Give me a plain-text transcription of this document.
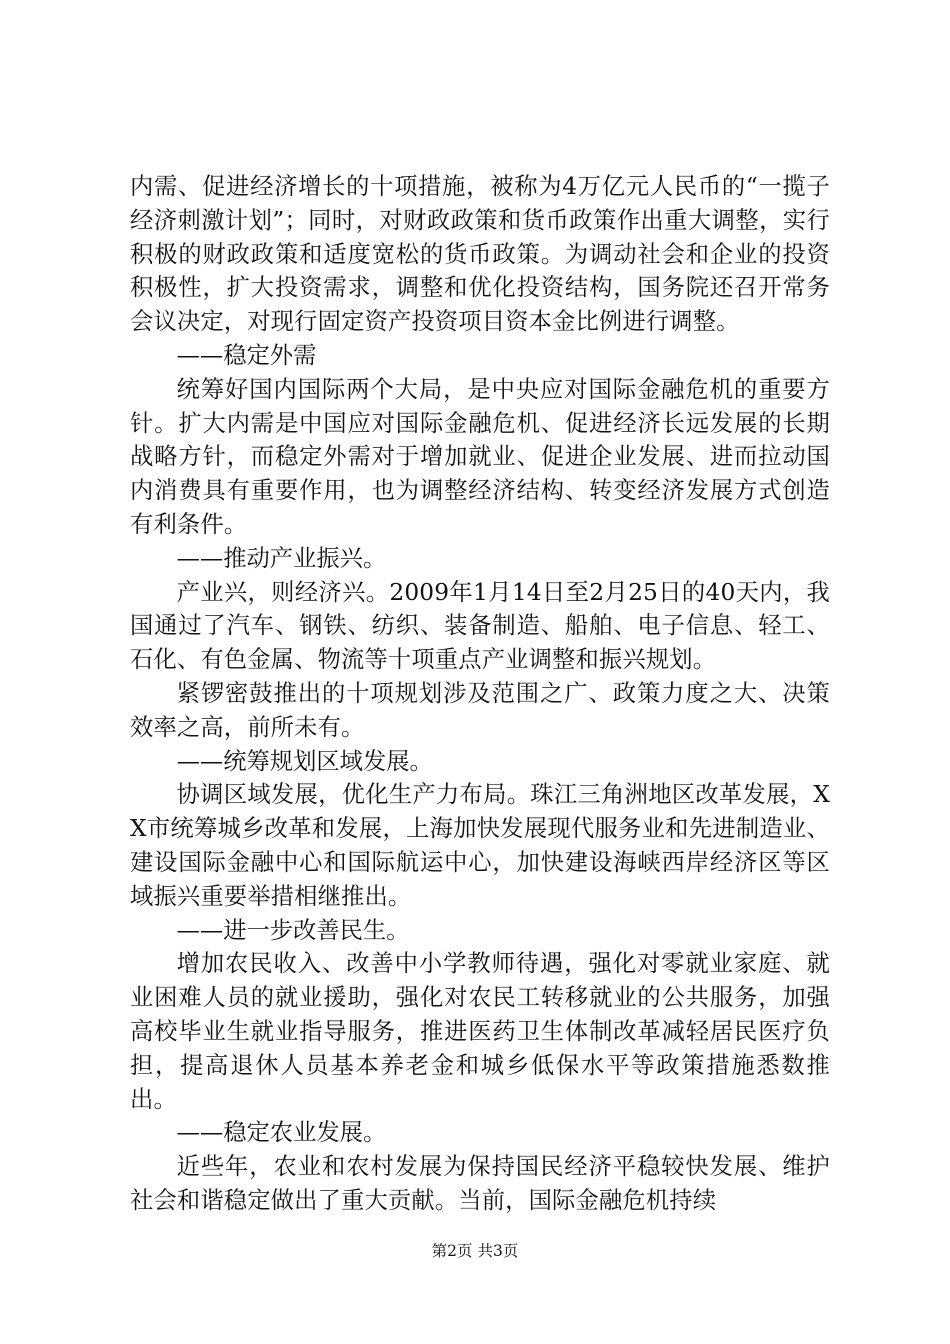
内需、促进经济增长的十项措施，被称为4万亿元人民币的“一揽子经济刺激计划”；同时，对财政政策和货币政策作出重大调整，实行积极的财政政策和适度宽松的货币政策。为调动社会和企业的投资积极性，扩大投资需求，调整和优化投资结构，国务院还召开常务会议决定，对现行固定资产投资项目资本金比例进行调整。

——稳定外需

统筹好国内国际两个大局，是中央应对国际金融危机的重要方针。扩大内需是中国应对国际金融危机、促进经济长远发展的长期战略方针，而稳定外需对于增加就业、促进企业发展、进而拉动国内消费具有重要作用，也为调整经济结构、转变经济发展方式创造有利条件。

——推动产业振兴。

产业兴，则经济兴。2009年1月14日至2月25日的40天内，我国通过了汽车、钢铁、纺织、装备制造、船舶、电子信息、轻工、石化、有色金属、物流等十项重点产业调整和振兴规划。

紧锣密鼓推出的十项规划涉及范围之广、政策力度之大、决策效率之高，前所未有。

——统筹规划区域发展。

协调区域发展，优化生产力布局。珠江三角洲地区改革发展，XX市统筹城乡改革和发展，上海加快发展现代服务业和先进制造业、建设国际金融中心和国际航运中心，加快建设海峡西岸经济区等区域振兴重要举措相继推出。

——进一步改善民生。

增加农民收入、改善中小学教师待遇，强化对零就业家庭、就业困难人员的就业援助，强化对农民工转移就业的公共服务，加强高校毕业生就业指导服务，推进医药卫生体制改革减轻居民医疗负担，提高退休人员基本养老金和城乡低保水平等政策措施悉数推出。

——稳定农业发展。

近些年，农业和农村发展为保持国民经济平稳较快发展、维护社会和谐稳定做出了重大贡献。当前，国际金融危机持续

第2页 共3页
